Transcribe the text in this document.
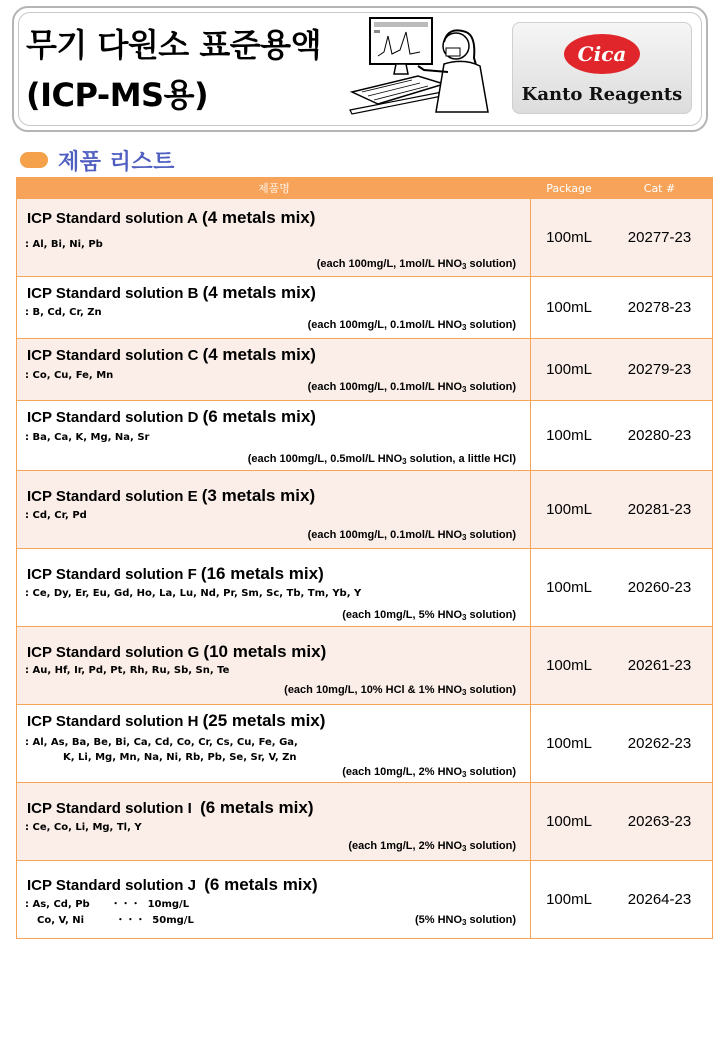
무기 다원소 표준용액
(ICP-MS용)
Cica
Kanto Reagents
제품 리스트
제품명	Package	Cat #
ICP Standard solution A (4 metals mix)
: Al, Bi, Ni, Pb
(each 100mg/L, 1mol/L $HNO_3$ solution)
100mL	20277-23
ICP Standard solution B (4 metals mix)
: B, Cd, Cr, Zn
(each 100mg/L, 0.1mol/L $HNO_3$ solution)
100mL	20278-23
ICP Standard solution C (4 metals mix)
: Co, Cu, Fe, Mn
(each 100mg/L, 0.1mol/L $HNO_3$ solution)
100mL	20279-23
ICP Standard solution D (6 metals mix)
: Ba, Ca, K, Mg, Na, Sr
(each 100mg/L, 0.5mol/L $HNO_3$ solution, a little HCl)
100mL	20280-23
ICP Standard solution E (3 metals mix)
: Cd, Cr, Pd
(each 100mg/L, 0.1mol/L $HNO_3$ solution)
100mL	20281-23
ICP Standard solution F (16 metals mix)
: Ce, Dy, Er, Eu, Gd, Ho, La, Lu, Nd, Pr, Sm, Sc, Tb, Tm, Yb, Y
(each 10mg/L, 5% $HNO_3$ solution)
100mL	20260-23
ICP Standard solution G (10 metals mix)
: Au, Hf, Ir, Pd, Pt, Rh, Ru, Sb, Sn, Te
(each 10mg/L, 10% HCl & 1% $HNO_3$ solution)
100mL	20261-23
ICP Standard solution H (25 metals mix)
: Al, As, Ba, Be, Bi, Ca, Cd, Co, Cr, Cs, Cu, Fe, Ga,
K, Li, Mg, Mn, Na, Ni, Rb, Pb, Se, Sr, V, Zn
(each 10mg/L, 2% $HNO_3$ solution)
100mL	20262-23
ICP Standard solution I (6 metals mix)
: Ce, Co, Li, Mg, Tl, Y
(each 1mg/L, 2% $HNO_3$ solution)
100mL	20263-23
ICP Standard solution J (6 metals mix)
: As, Cd, Pb      ・・・  10mg/L
Co, V, Ni         ・・・  50mg/L	(5% $HNO_3$ solution)
100mL	20264-23
